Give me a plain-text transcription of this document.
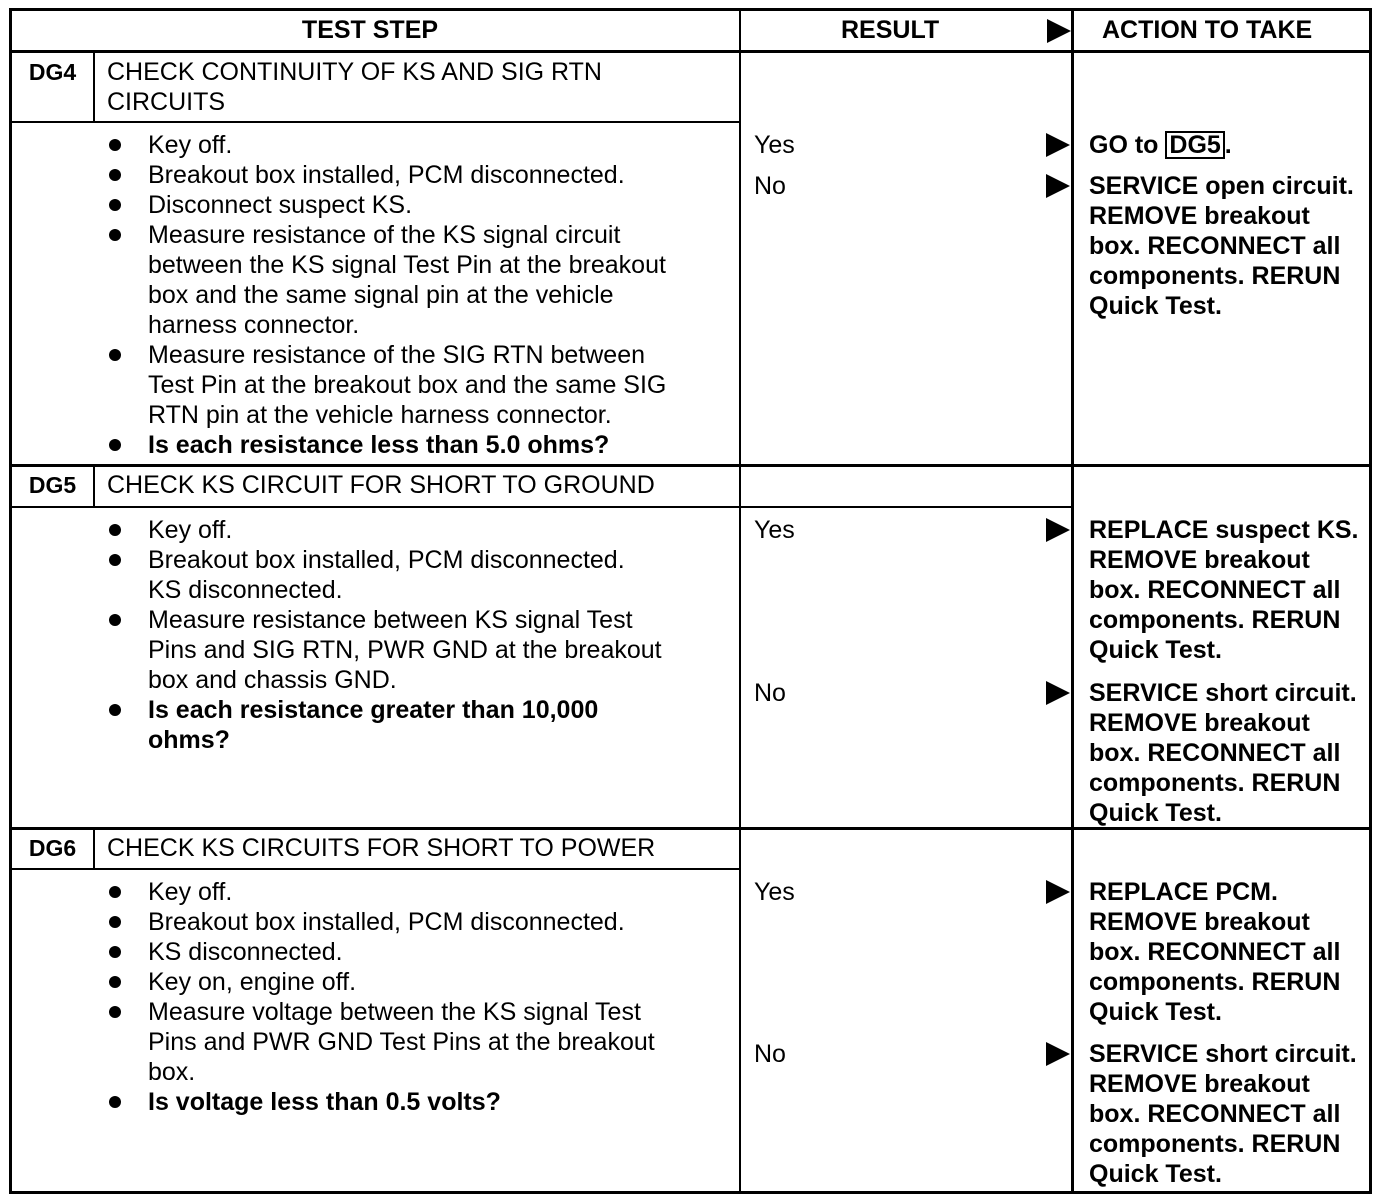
TEST STEP	RESULT	ACTION TO TAKE
DG4	CHECK CONTINUITY OF KS AND SIG RTN
CIRCUITS
Key off.
Breakout box installed, PCM disconnected.
Disconnect suspect KS.
Measure resistance of the KS signal circuit
between the KS signal Test Pin at the breakout
box and the same signal pin at the vehicle
harness connector.
Measure resistance of the SIG RTN between
Test Pin at the breakout box and the same SIG
RTN pin at the vehicle harness connector.
Is each resistance less than 5.0 ohms?
Yes	GO to DG5 .
No	SERVICE open circuit.
REMOVE breakout
box. RECONNECT all
components. RERUN
Quick Test.
DG5	CHECK KS CIRCUIT FOR SHORT TO GROUND
Key off.
Breakout box installed, PCM disconnected.
KS disconnected.
Measure resistance between KS signal Test
Pins and SIG RTN, PWR GND at the breakout
box and chassis GND.
Is each resistance greater than 10,000
ohms?
Yes	REPLACE suspect KS.
REMOVE breakout
box. RECONNECT all
components. RERUN
Quick Test.
No	SERVICE short circuit.
REMOVE breakout
box. RECONNECT all
components. RERUN
Quick Test.
DG6	CHECK KS CIRCUITS FOR SHORT TO POWER
Key off.
Breakout box installed, PCM disconnected.
KS disconnected.
Key on, engine off.
Measure voltage between the KS signal Test
Pins and PWR GND Test Pins at the breakout
box.
Is voltage less than 0.5 volts?
Yes	REPLACE PCM.
REMOVE breakout
box. RECONNECT all
components. RERUN
Quick Test.
No	SERVICE short circuit.
REMOVE breakout
box. RECONNECT all
components. RERUN
Quick Test.
